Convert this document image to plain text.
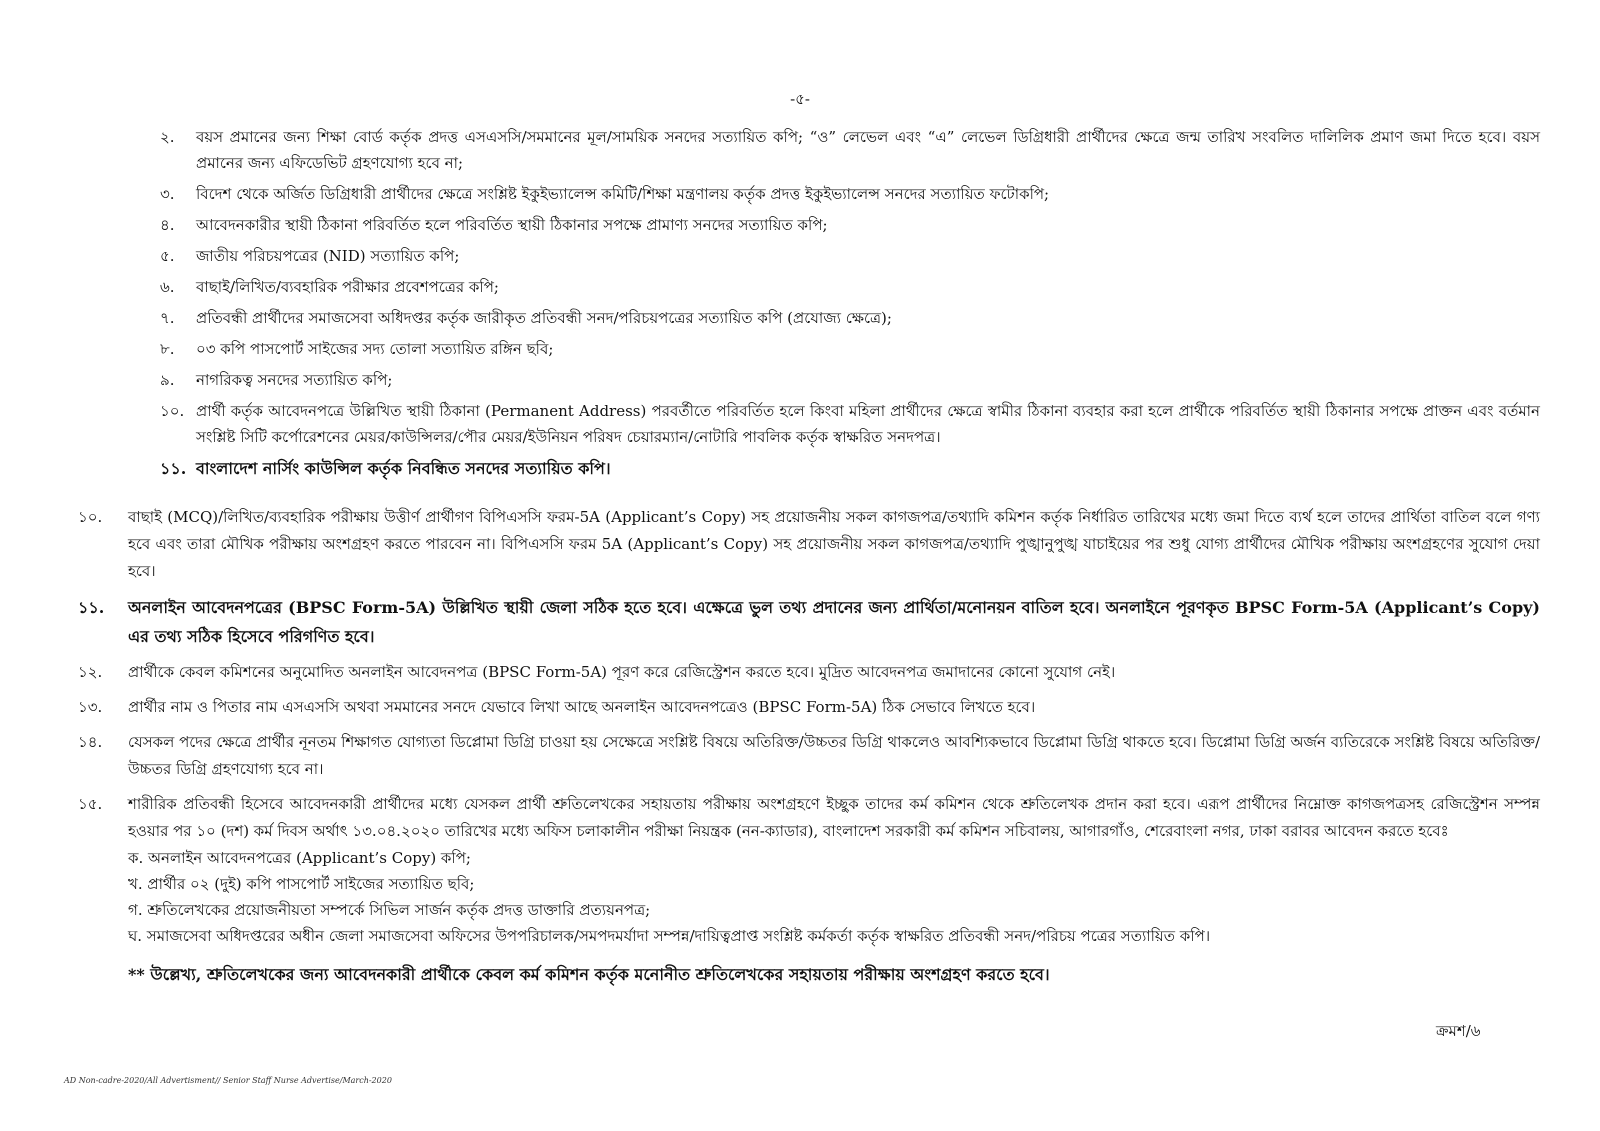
-৫-
২.	বয়স প্রমানের জন্য শিক্ষা বোর্ড কর্তৃক প্রদত্ত এসএসসি/সমমানের মূল/সাময়িক সনদের সত্যায়িত কপি; “ও” লেভেল এবং “এ” লেভেল ডিগ্রিধারী প্রার্থীদের ক্ষেত্রে জন্ম তারিখ সংবলিত দালিলিক প্রমাণ জমা দিতে হবে। বয়স প্রমানের জন্য এফিডেভিট গ্রহণযোগ্য হবে না;
৩.	বিদেশ থেকে অর্জিত ডিগ্রিধারী প্রার্থীদের ক্ষেত্রে সংশ্লিষ্ট ইকুইভ্যালেন্স কমিটি/শিক্ষা মন্ত্রণালয় কর্তৃক প্রদত্ত ইকুইভ্যালেন্স সনদের সত্যায়িত ফটোকপি;
৪.	আবেদনকারীর স্থায়ী ঠিকানা পরিবর্তিত হলে পরিবর্তিত স্থায়ী ঠিকানার সপক্ষে প্রামাণ্য সনদের সত্যায়িত কপি;
৫.	জাতীয় পরিচয়পত্রের (NID) সত্যায়িত কপি;
৬.	বাছাই/লিখিত/ব্যবহারিক পরীক্ষার প্রবেশপত্রের কপি;
৭.	প্রতিবন্ধী প্রার্থীদের সমাজসেবা অধিদপ্তর কর্তৃক জারীকৃত প্রতিবন্ধী সনদ/পরিচয়পত্রের সত্যায়িত কপি (প্রযোজ্য ক্ষেত্রে);
৮.	০৩ কপি পাসপোর্ট সাইজের সদ্য তোলা সত্যায়িত রঙ্গিন ছবি;
৯.	নাগরিকত্ব সনদের সত্যায়িত কপি;
১০. প্রার্থী কর্তৃক আবেদনপত্রে উল্লিখিত স্থায়ী ঠিকানা (Permanent Address) পরবর্তীতে পরিবর্তিত হলে কিংবা মহিলা প্রার্থীদের ক্ষেত্রে স্বামীর ঠিকানা ব্যবহার করা হলে প্রার্থীকে পরিবর্তিত স্থায়ী ঠিকানার সপক্ষে প্রাক্তন এবং বর্তমান সংশ্লিষ্ট সিটি কর্পোরেশনের মেয়র/কাউন্সিলর/পৌর মেয়র/ইউনিয়ন পরিষদ চেয়ারম্যান/নোটারি পাবলিক কর্তৃক স্বাক্ষরিত সনদপত্র।
১১. বাংলাদেশ নার্সিং কাউন্সিল কর্তৃক নিবন্ধিত সনদের সত্যায়িত কপি।
১০.	বাছাই (MCQ)/লিখিত/ব্যবহারিক পরীক্ষায় উত্তীর্ণ প্রার্থীগণ বিপিএসসি ফরম-5A (Applicant’s Copy) সহ প্রয়োজনীয় সকল কাগজপত্র/তথ্যাদি কমিশন কর্তৃক নির্ধারিত তারিখের মধ্যে জমা দিতে ব্যর্থ হলে তাদের প্রার্থিতা বাতিল বলে গণ্য হবে এবং তারা মৌখিক পরীক্ষায় অংশগ্রহণ করতে পারবেন না। বিপিএসসি ফরম 5A (Applicant’s Copy) সহ প্রয়োজনীয় সকল কাগজপত্র/তথ্যাদি পুঙ্খানুপুঙ্খ যাচাইয়ের পর শুধু যোগ্য প্রার্থীদের মৌখিক পরীক্ষায় অংশগ্রহণের সুযোগ দেয়া হবে।
১১.	অনলাইন আবেদনপত্রের (BPSC Form-5A) উল্লিখিত স্থায়ী জেলা সঠিক হতে হবে। এক্ষেত্রে ভুল তথ্য প্রদানের জন্য প্রার্থিতা/মনোনয়ন বাতিল হবে। অনলাইনে পূরণকৃত BPSC Form-5A (Applicant’s Copy) এর তথ্য সঠিক হিসেবে পরিগণিত হবে।
১২.	প্রার্থীকে কেবল কমিশনের অনুমোদিত অনলাইন আবেদনপত্র (BPSC Form-5A) পূরণ করে রেজিস্ট্রেশন করতে হবে। মুদ্রিত আবেদনপত্র জমাদানের কোনো সুযোগ নেই।
১৩.	প্রার্থীর নাম ও পিতার নাম এসএসসি অথবা সমমানের সনদে যেভাবে লিখা আছে অনলাইন আবেদনপত্রেও (BPSC Form-5A) ঠিক সেভাবে লিখতে হবে।
১৪.	যেসকল পদের ক্ষেত্রে প্রার্থীর নূনতম শিক্ষাগত যোগ্যতা ডিপ্লোমা ডিগ্রি চাওয়া হয় সেক্ষেত্রে সংশ্লিষ্ট বিষয়ে অতিরিক্ত/উচ্চতর ডিগ্রি থাকলেও আবশ্যিকভাবে ডিপ্লোমা ডিগ্রি থাকতে হবে। ডিপ্লোমা ডিগ্রি অর্জন ব্যতিরেকে সংশ্লিষ্ট বিষয়ে অতিরিক্ত/উচ্চতর ডিগ্রি গ্রহণযোগ্য হবে না।
১৫.	শারীরিক প্রতিবন্ধী হিসেবে আবেদনকারী প্রার্থীদের মধ্যে যেসকল প্রার্থী শ্রুতিলেখকের সহায়তায় পরীক্ষায় অংশগ্রহণে ইচ্ছুক তাদের কর্ম কমিশন থেকে শ্রুতিলেখক প্রদান করা হবে। এরূপ প্রার্থীদের নিম্নোক্ত কাগজপত্রসহ রেজিস্ট্রেশন সম্পন্ন হওয়ার পর ১০ (দশ) কর্ম দিবস অর্থাৎ ১৩.০৪.২০২০ তারিখের মধ্যে অফিস চলাকালীন পরীক্ষা নিয়ন্ত্রক (নন-ক্যাডার), বাংলাদেশ সরকারী কর্ম কমিশন সচিবালয়, আগারগাঁও, শেরেবাংলা নগর, ঢাকা বরাবর আবেদন করতে হবেঃ
ক. অনলাইন আবেদনপত্রের (Applicant’s Copy) কপি;
খ. প্রার্থীর ০২ (দুই) কপি পাসপোর্ট সাইজের সত্যায়িত ছবি;
গ. শ্রুতিলেখকের প্রয়োজনীয়তা সম্পর্কে সিভিল সার্জন কর্তৃক প্রদত্ত ডাক্তারি প্রত্যয়নপত্র;
ঘ. সমাজসেবা অধিদপ্তরের অধীন জেলা সমাজসেবা অফিসের উপপরিচালক/সমপদমর্যাদা সম্পন্ন/দায়িত্বপ্রাপ্ত সংশ্লিষ্ট কর্মকর্তা কর্তৃক স্বাক্ষরিত প্রতিবন্ধী সনদ/পরিচয় পত্রের সত্যায়িত কপি।
** উল্লেখ্য, শ্রুতিলেখকের জন্য আবেদনকারী প্রার্থীকে কেবল কর্ম কমিশন কর্তৃক মনোনীত শ্রুতিলেখকের সহায়তায় পরীক্ষায় অংশগ্রহণ করতে হবে।
ক্রমশ/৬
AD Non-cadre-2020/All Advertisment// Senior Staff Nurse Advertise/March-2020
